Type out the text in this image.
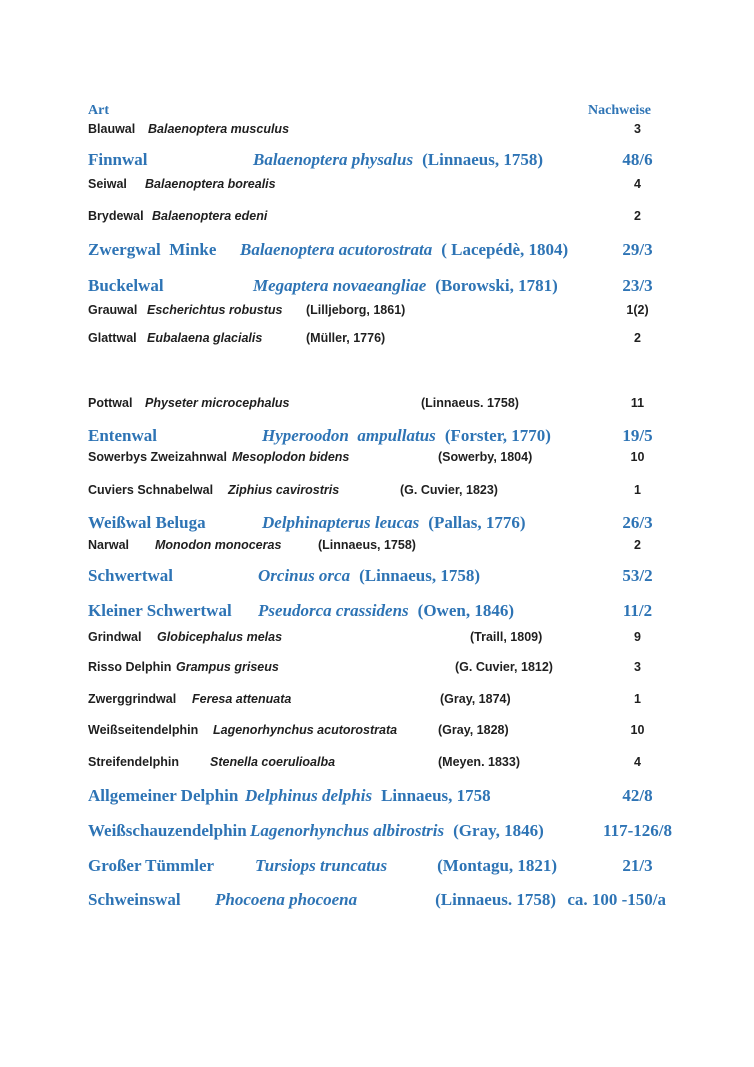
Art	Nachweise
Blauwal Balaenoptera musculus	3
Finnwal	Balaenoptera physalus (Linnaeus, 1758)	48/6
Seiwal Balaenoptera borealis	4
Brydewal Balaenoptera edeni	2
Zwergwal  Minke Balaenoptera acutorostrata ( Lacepédè, 1804)	29/3
Buckelwal	Megaptera novaeangliae (Borowski, 1781)	23/3
Grauwal Escherichtus robustus (Lilljeborg, 1861)	1(2)
Glattwal Eubalaena glacialis	(Müller, 1776)	2
Pottwal Physeter microcephalus	(Linnaeus. 1758)	11
Entenwal	Hyperoodon  ampullatus (Forster, 1770)	19/5
Sowerbys Zweizahnwal Mesoplodon bidens	(Sowerby, 1804)	10
Cuviers Schnabelwal Ziphius cavirostris	(G. Cuvier, 1823)	1
Weißwal Beluga	Delphinapterus leucas (Pallas, 1776)	26/3
Narwal Monodon monoceras	(Linnaeus, 1758)	2
Schwertwal	Orcinus orca (Linnaeus, 1758)	53/2
Kleiner Schwertwal Pseudorca crassidens (Owen, 1846)	11/2
Grindwal Globicephalus melas	(Traill, 1809)	9
Risso Delphin Grampus griseus	(G. Cuvier, 1812)	3
Zwerggrindwal Feresa attenuata	(Gray, 1874)	1
Weißseitendelphin Lagenorhynchus acutorostrata	(Gray, 1828)	10
Streifendelphin Stenella coerulioalba	(Meyen. 1833)	4
Allgemeiner Delphin Delphinus delphis Linnaeus, 1758	42/8
Weißschauzendelphin Lagenorhynchus albirostris (Gray, 1846)	117-126/8
Großer Tümmler Tursiops truncatus	(Montagu, 1821)	21/3
Schweinswal Phocoena phocoena	(Linnaeus. 1758) ca. 100 -150/a
